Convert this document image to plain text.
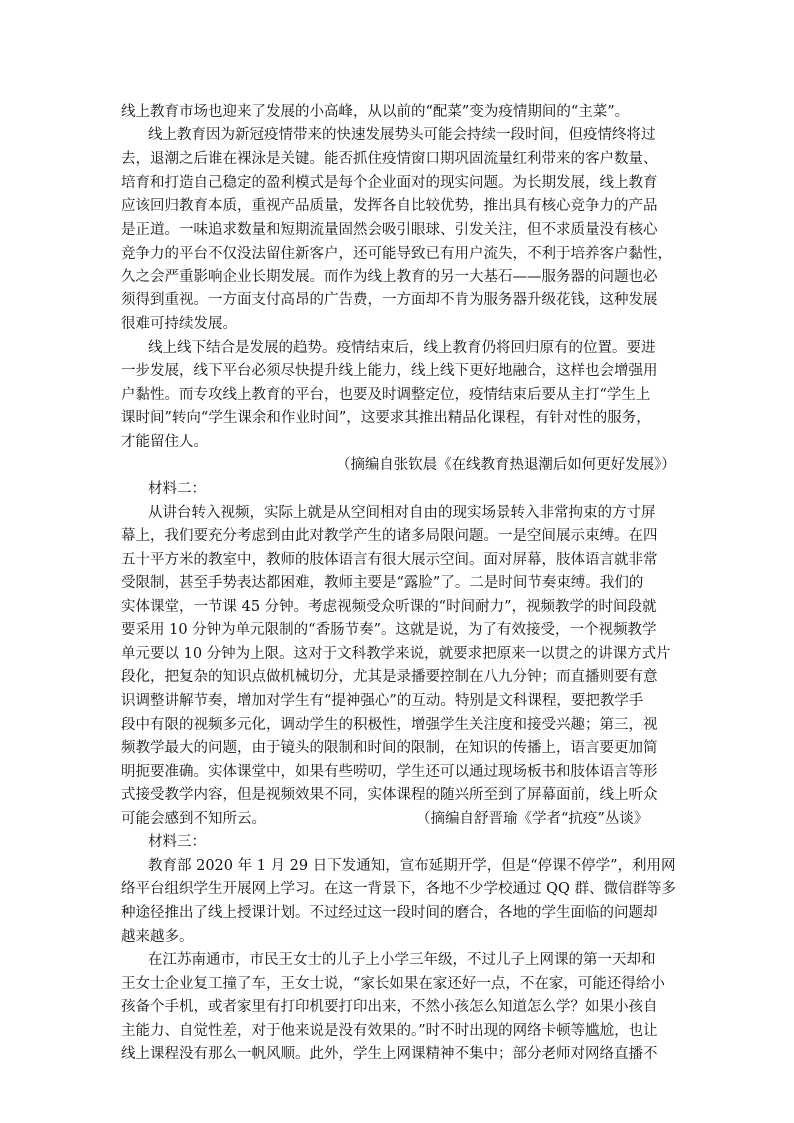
线上教育市场也迎来了发展的小高峰，从以前的“配菜”变为疫情期间的“主菜”。
线上教育因为新冠疫情带来的快速发展势头可能会持续一段时间，但疫情终将过
去，退潮之后谁在裸泳是关键。能否抓住疫情窗口期巩固流量红利带来的客户数量、
培育和打造自己稳定的盈利模式是每个企业面对的现实问题。为长期发展，线上教育
应该回归教育本质，重视产品质量，发挥各自比较优势，推出具有核心竞争力的产品
是正道。一味追求数量和短期流量固然会吸引眼球、引发关注，但不求质量没有核心
竞争力的平台不仅没法留住新客户，还可能导致已有用户流失，不利于培养客户黏性，
久之会严重影响企业长期发展。而作为线上教育的另一大基石——服务器的问题也必
须得到重视。一方面支付高昂的广告费，一方面却不肯为服务器升级花钱，这种发展
很难可持续发展。
线上线下结合是发展的趋势。疫情结束后，线上教育仍将回归原有的位置。要进
一步发展，线下平台必须尽快提升线上能力，线上线下更好地融合，这样也会增强用
户黏性。而专攻线上教育的平台，也要及时调整定位，疫情结束后要从主打“学生上
课时间”转向“学生课余和作业时间”，这要求其推出精品化课程，有针对性的服务，
才能留住人。
（摘编自张钦晨《在线教育热退潮后如何更好发展》）
材料二：
从讲台转入视频，实际上就是从空间相对自由的现实场景转入非常拘束的方寸屏
幕上，我们要充分考虑到由此对教学产生的诸多局限问题。一是空间展示束缚。在四
五十平方米的教室中，教师的肢体语言有很大展示空间。面对屏幕，肢体语言就非常
受限制，甚至手势表达都困难，教师主要是“露脸”了。二是时间节奏束缚。我们的
实体课堂，一节课 45 分钟。考虑视频受众听课的“时间耐力”，视频教学的时间段就
要采用 10 分钟为单元限制的“香肠节奏”。这就是说，为了有效接受，一个视频教学
单元要以 10 分钟为上限。这对于文科教学来说，就要求把原来一以贯之的讲课方式片
段化，把复杂的知识点做机械切分，尤其是录播要控制在八九分钟；而直播则要有意
识调整讲解节奏，增加对学生有“提神强心”的互动。特别是文科课程，要把教学手
段中有限的视频多元化，调动学生的积极性，增强学生关注度和接受兴趣；第三，视
频教学最大的问题，由于镜头的限制和时间的限制，在知识的传播上，语言要更加简
明扼要准确。实体课堂中，如果有些唠叨，学生还可以通过现场板书和肢体语言等形
式接受教学内容，但是视频效果不同，实体课程的随兴所至到了屏幕面前，线上听众
可能会感到不知所云。	（摘编自舒晋瑜《学者“抗疫”丛谈》
材料三：
教育部 2020 年 1 月 29 日下发通知，宣布延期开学，但是“停课不停学”，利用网
络平台组织学生开展网上学习。在这一背景下，各地不少学校通过 QQ 群、微信群等多
种途径推出了线上授课计划。不过经过这一段时间的磨合，各地的学生面临的问题却
越来越多。
在江苏南通市，市民王女士的儿子上小学三年级，不过儿子上网课的第一天却和
王女士企业复工撞了车，王女士说，“家长如果在家还好一点，不在家，可能还得给小
孩备个手机，或者家里有打印机要打印出来，不然小孩怎么知道怎么学？如果小孩自
主能力、自觉性差，对于他来说是没有效果的。”时不时出现的网络卡顿等尴尬，也让
线上课程没有那么一帆风顺。此外，学生上网课精神不集中；部分老师对网络直播不
